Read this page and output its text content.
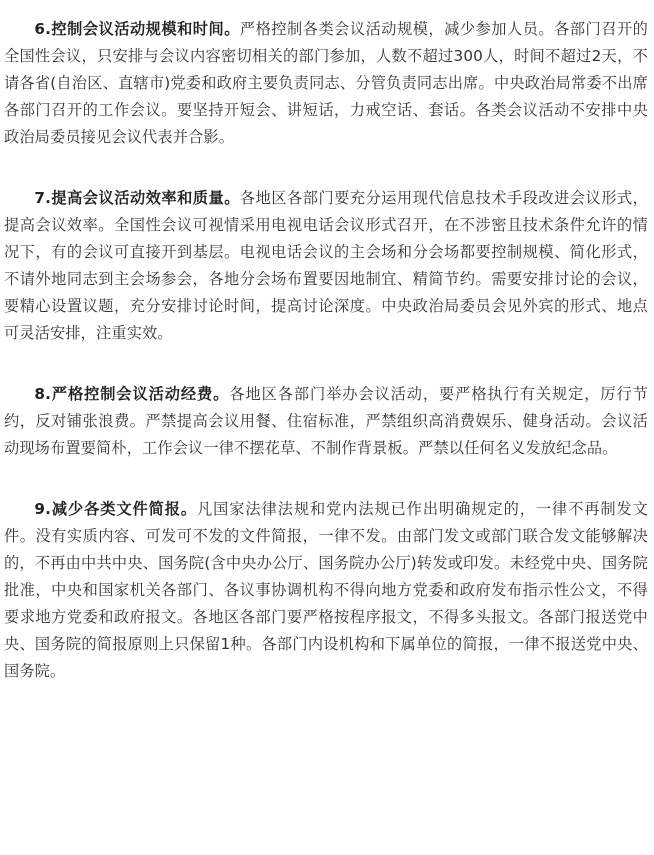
6.控制会议活动规模和时间。严格控制各类会议活动规模，减少参加人员。各部门召开的全国性会议，只安排与会议内容密切相关的部门参加，人数不超过300人，时间不超过2天，不请各省(自治区、直辖市)党委和政府主要负责同志、分管负责同志出席。中央政治局常委不出席各部门召开的工作会议。要坚持开短会、讲短话，力戒空话、套话。各类会议活动不安排中央政治局委员接见会议代表并合影。

7.提高会议活动效率和质量。各地区各部门要充分运用现代信息技术手段改进会议形式，提高会议效率。全国性会议可视情采用电视电话会议形式召开，在不涉密且技术条件允许的情况下，有的会议可直接开到基层。电视电话会议的主会场和分会场都要控制规模、简化形式，不请外地同志到主会场参会，各地分会场布置要因地制宜、精简节约。需要安排讨论的会议，要精心设置议题，充分安排讨论时间，提高讨论深度。中央政治局委员会见外宾的形式、地点可灵活安排，注重实效。

8.严格控制会议活动经费。各地区各部门举办会议活动，要严格执行有关规定，厉行节约，反对铺张浪费。严禁提高会议用餐、住宿标准，严禁组织高消费娱乐、健身活动。会议活动现场布置要简朴，工作会议一律不摆花草、不制作背景板。严禁以任何名义发放纪念品。

9.减少各类文件简报。凡国家法律法规和党内法规已作出明确规定的，一律不再制发文件。没有实质内容、可发可不发的文件简报，一律不发。由部门发文或部门联合发文能够解决的，不再由中共中央、国务院(含中央办公厅、国务院办公厅)转发或印发。未经党中央、国务院批准，中央和国家机关各部门、各议事协调机构不得向地方党委和政府发布指示性公文，不得要求地方党委和政府报文。各地区各部门要严格按程序报文，不得多头报文。各部门报送党中央、国务院的简报原则上只保留1种。各部门内设机构和下属单位的简报，一律不报送党中央、国务院。
